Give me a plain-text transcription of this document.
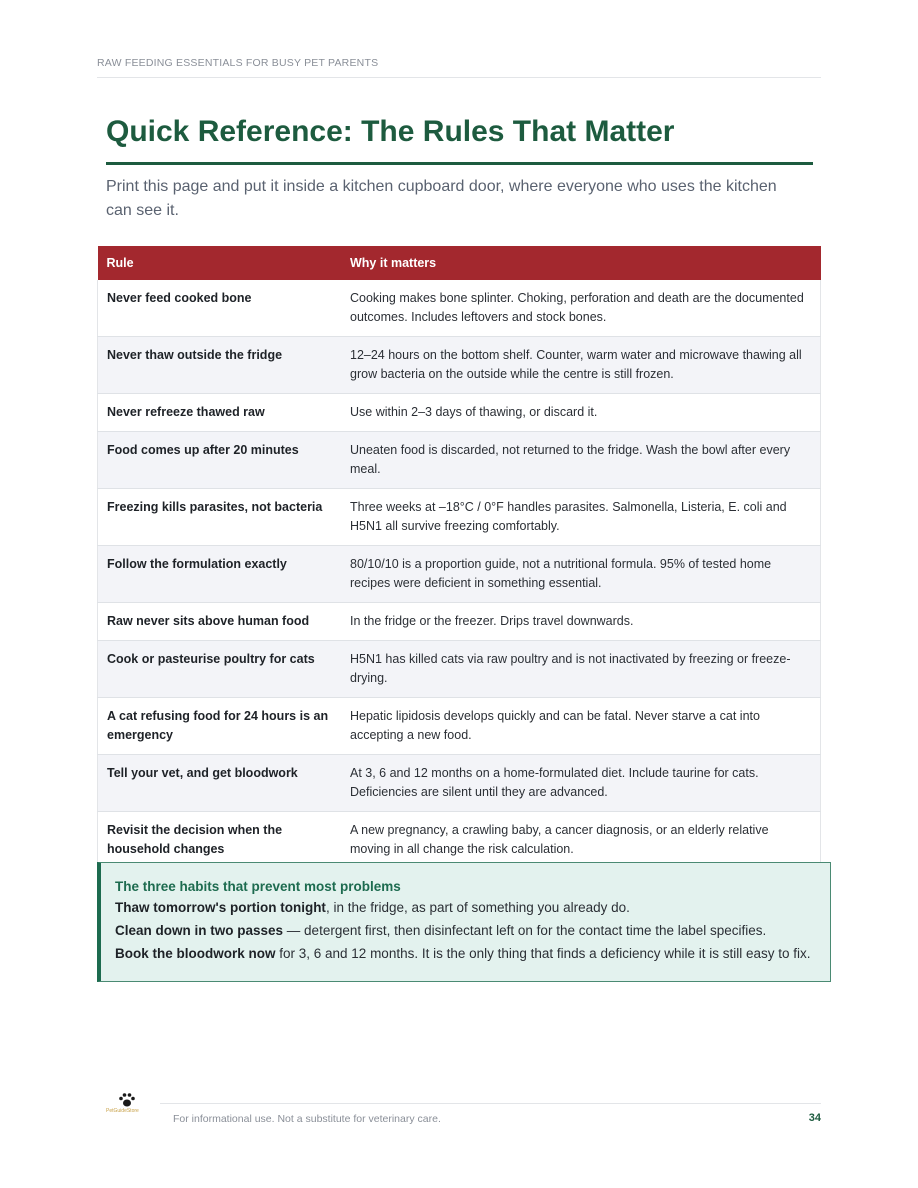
RAW FEEDING ESSENTIALS FOR BUSY PET PARENTS
Quick Reference: The Rules That Matter

Print this page and put it inside a kitchen cupboard door, where everyone who uses the kitchen can see it.

Rule	Why it matters
Never feed cooked bone	Cooking makes bone splinter. Choking, perforation and death are the documented outcomes. Includes leftovers and stock bones.
Never thaw outside the fridge	12–24 hours on the bottom shelf. Counter, warm water and microwave thawing all grow bacteria on the outside while the centre is still frozen.
Never refreeze thawed raw	Use within 2–3 days of thawing, or discard it.
Food comes up after 20 minutes	Uneaten food is discarded, not returned to the fridge. Wash the bowl after every meal.
Freezing kills parasites, not bacteria	Three weeks at –18°C / 0°F handles parasites. Salmonella, Listeria, E. coli and H5N1 all survive freezing comfortably.
Follow the formulation exactly	80/10/10 is a proportion guide, not a nutritional formula. 95% of tested home recipes were deficient in something essential.
Raw never sits above human food	In the fridge or the freezer. Drips travel downwards.
Cook or pasteurise poultry for cats	H5N1 has killed cats via raw poultry and is not inactivated by freezing or freeze-drying.
A cat refusing food for 24 hours is an emergency	Hepatic lipidosis develops quickly and can be fatal. Never starve a cat into accepting a new food.
Tell your vet, and get bloodwork	At 3, 6 and 12 months on a home-formulated diet. Include taurine for cats. Deficiencies are silent until they are advanced.
Revisit the decision when the household changes	A new pregnancy, a crawling baby, a cancer diagnosis, or an elderly relative moving in all change the risk calculation.
The three habits that prevent most problems

Thaw tomorrow's portion tonight, in the fridge, as part of something you already do.

Clean down in two passes — detergent first, then disinfectant left on for the contact time the label specifies.

Book the bloodwork now for 3, 6 and 12 months. It is the only thing that finds a deficiency while it is still easy to fix.

PetGuideStore
For informational use. Not a substitute for veterinary care.	34
